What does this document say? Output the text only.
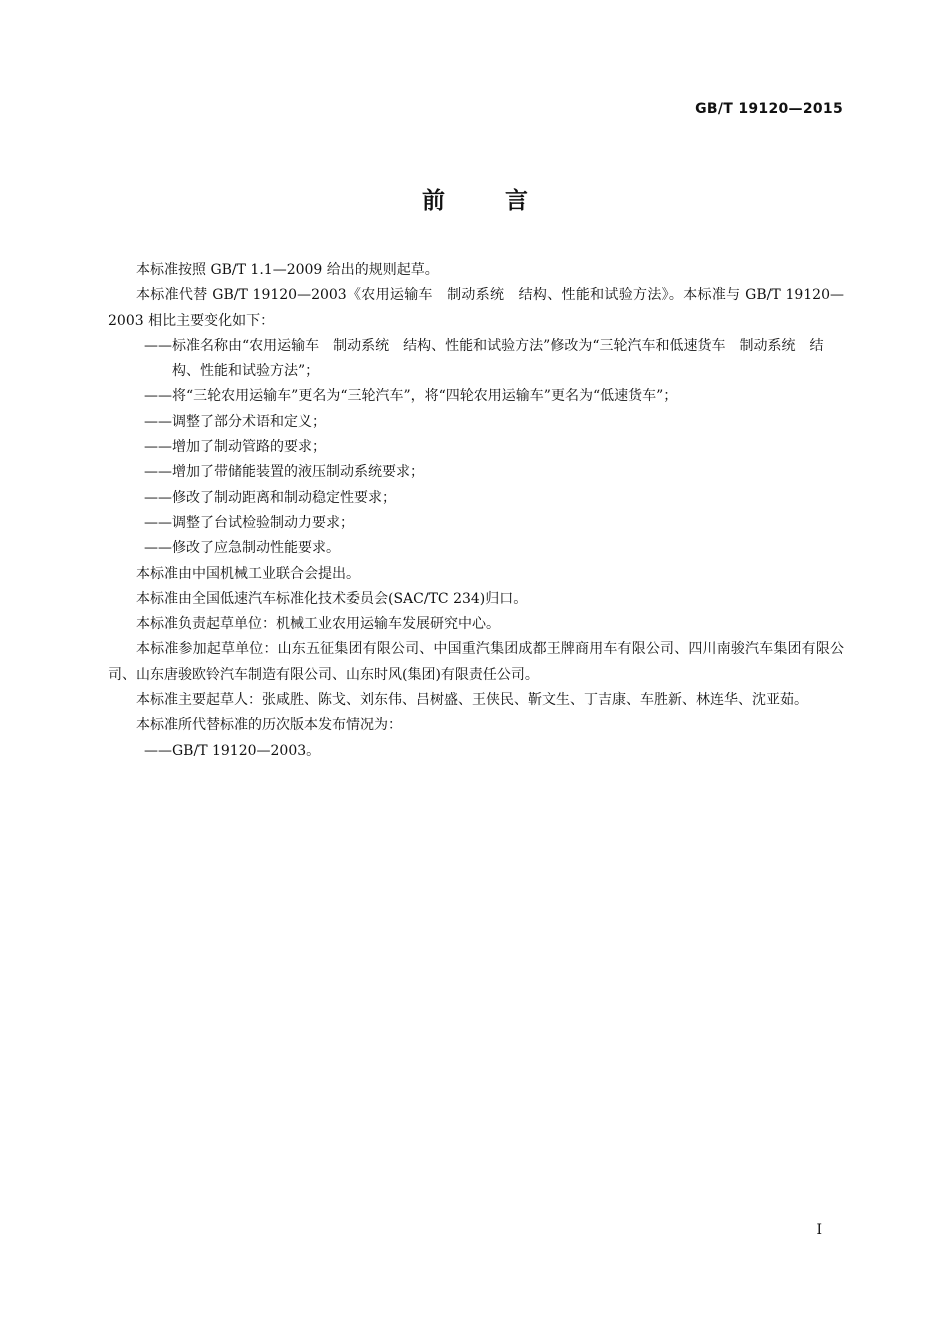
GB/T 19120—2015
前	言

本标准按照 GB/T 1.1—2009 给出的规则起草。

本标准代替 GB/T 19120—2003《农用运输车　制动系统　结构、性能和试验方法》。本标准与 GB/T 19120—2003 相比主要变化如下：

——标准名称由“农用运输车　制动系统　结构、性能和试验方法”修改为“三轮汽车和低速货车　制动系统　结构、性能和试验方法”；

——将“三轮农用运输车”更名为“三轮汽车”，将“四轮农用运输车”更名为“低速货车”；

——调整了部分术语和定义；

——增加了制动管路的要求；

——增加了带储能装置的液压制动系统要求；

——修改了制动距离和制动稳定性要求；

——调整了台试检验制动力要求；

——修改了应急制动性能要求。

本标准由中国机械工业联合会提出。

本标准由全国低速汽车标准化技术委员会(SAC/TC 234)归口。

本标准负责起草单位：机械工业农用运输车发展研究中心。

本标准参加起草单位：山东五征集团有限公司、中国重汽集团成都王牌商用车有限公司、四川南骏汽车集团有限公司、山东唐骏欧铃汽车制造有限公司、山东时风(集团)有限责任公司。

本标准主要起草人：张咸胜、陈戈、刘东伟、吕树盛、王侠民、靳文生、丁吉康、车胜新、林连华、沈亚茹。

本标准所代替标准的历次版本发布情况为：

——GB/T 19120—2003。

I
